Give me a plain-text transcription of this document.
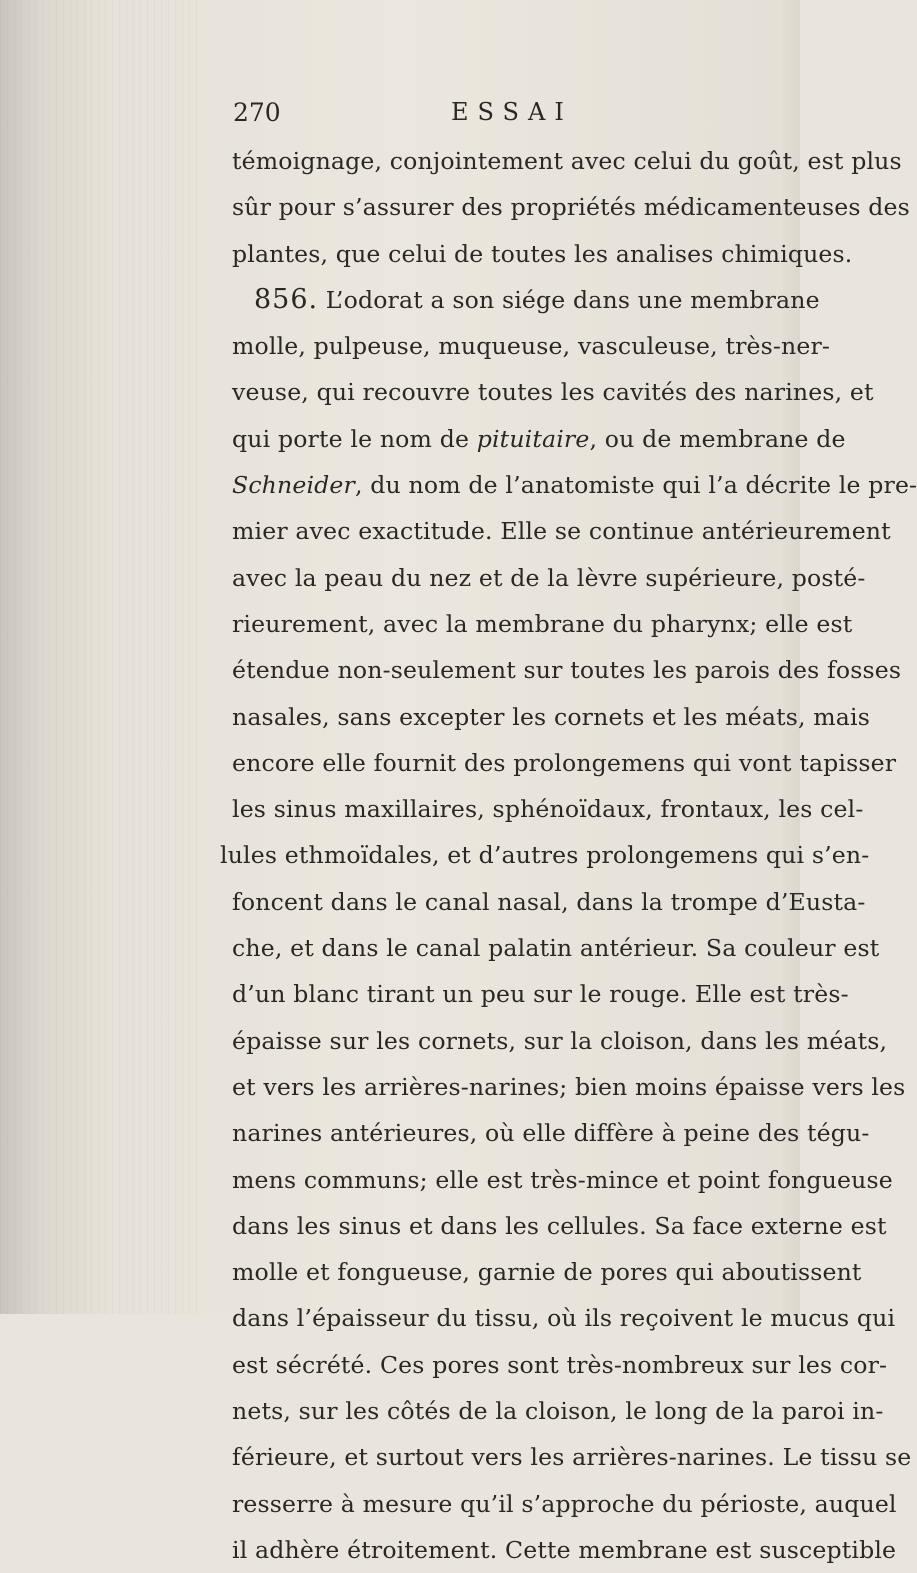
270	ESSAI
témoignage, conjointement avec celui du goût, est plus
sûr pour s’assurer des propriétés médicamenteuses des
plantes, que celui de toutes les analises chimiques.
856. L’odorat a son siége dans une membrane
molle, pulpeuse, muqueuse, vasculeuse, très-ner-
veuse, qui recouvre toutes les cavités des narines, et
qui porte le nom de pituitaire, ou de membrane de
Schneider, du nom de l’anatomiste qui l’a décrite le pre-
mier avec exactitude. Elle se continue antérieurement
avec la peau du nez et de la lèvre supérieure, posté-
rieurement, avec la membrane du pharynx; elle est
étendue non-seulement sur toutes les parois des fosses
nasales, sans excepter les cornets et les méats, mais
encore elle fournit des prolongemens qui vont tapisser
les sinus maxillaires, sphénoïdaux, frontaux, les cel-
lules ethmoïdales, et d’autres prolongemens qui s’en-
foncent dans le canal nasal, dans la trompe d’Eusta-
che, et dans le canal palatin antérieur. Sa couleur est
d’un blanc tirant un peu sur le rouge. Elle est très-
épaisse sur les cornets, sur la cloison, dans les méats,
et vers les arrières-narines; bien moins épaisse vers les
narines antérieures, où elle diffère à peine des tégu-
mens communs; elle est très-mince et point fongueuse
dans les sinus et dans les cellules. Sa face externe est
molle et fongueuse, garnie de pores qui aboutissent
dans l’épaisseur du tissu, où ils reçoivent le mucus qui
est sécrété. Ces pores sont très-nombreux sur les cor-
nets, sur les côtés de la cloison, le long de la paroi in-
férieure, et surtout vers les arrières-narines. Le tissu se
resserre à mesure qu’il s’approche du périoste, auquel
il adhère étroitement. Cette membrane est susceptible
